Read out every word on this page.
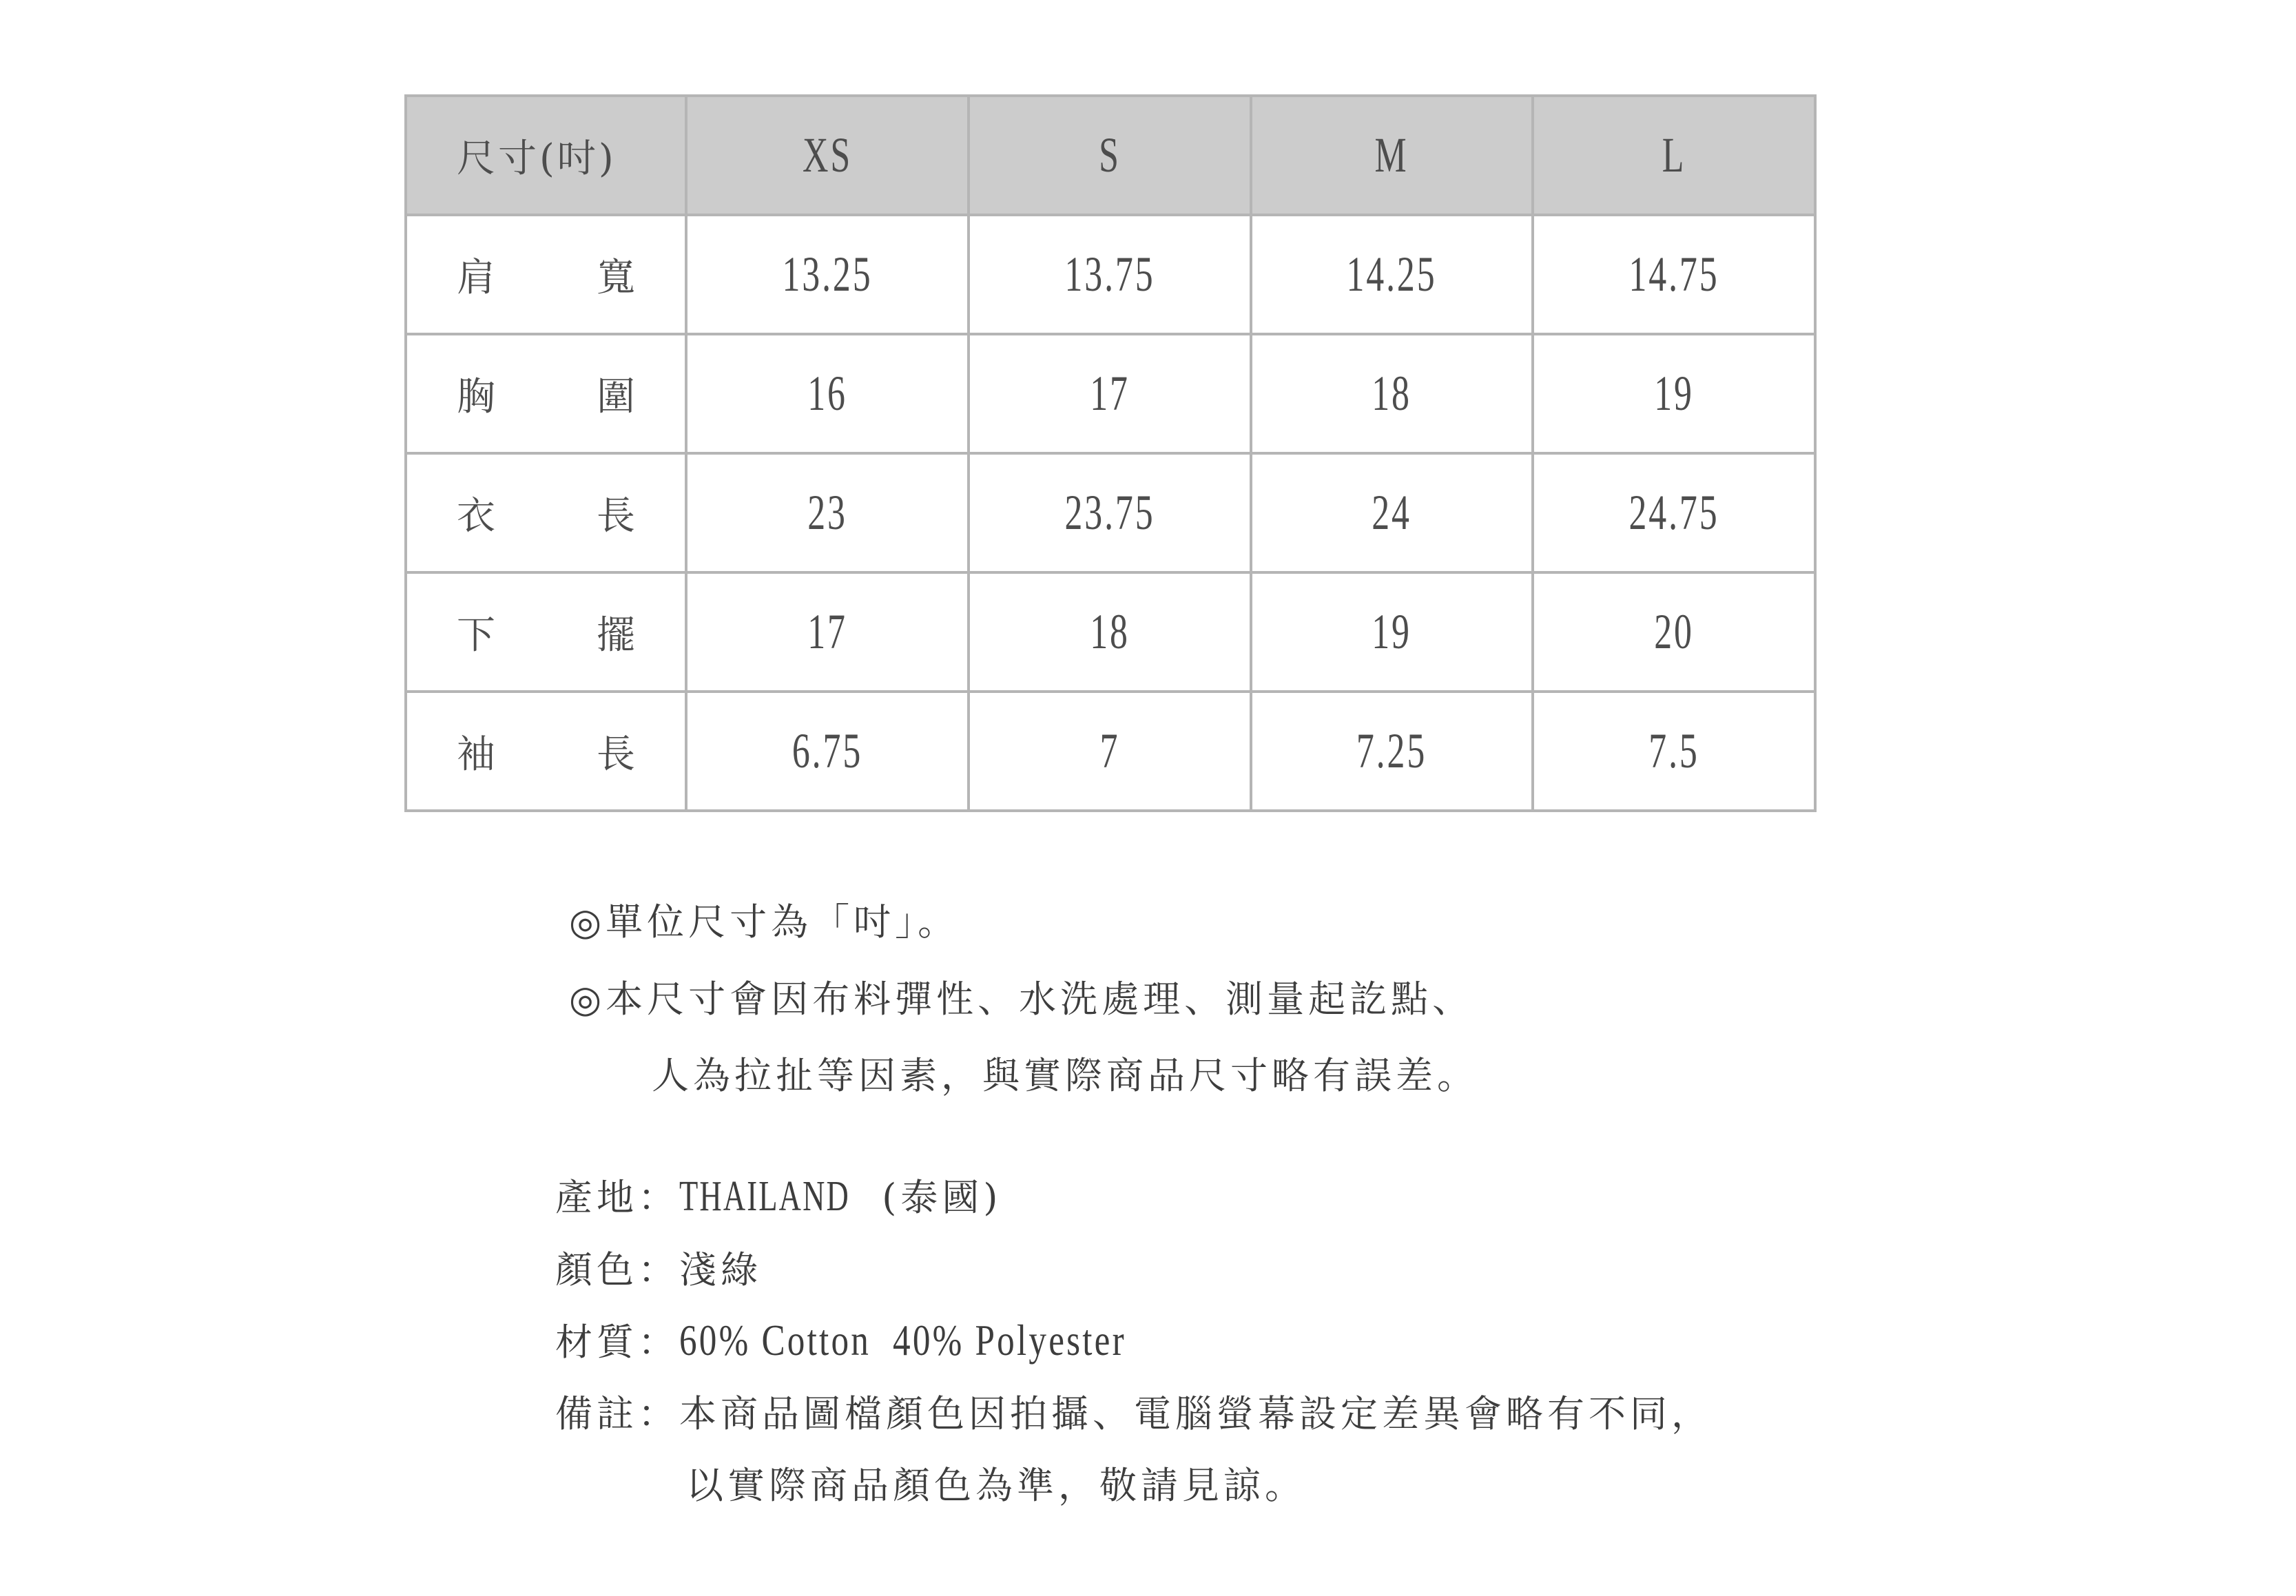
尺寸(吋)	XS	S	M	L

肩 寬	13.25	13.75	14.25	14.75

胸 圍	16	17	18	19

衣 長	23	23.75	24	24.75

下 擺	17	18	19	20

袖 長	6.75	7	7.25	7.5
◎單位尺寸為「吋」。
◎本尺寸會因布料彈性、水洗處理、測量起訖點、
人為拉扯等因素，與實際商品尺寸略有誤差。
產地：THAILAND (泰國)
顏色：淺綠
材質：60% Cotton  40% Polyester
備註：本商品圖檔顏色因拍攝、電腦螢幕設定差異會略有不同，
以實際商品顏色為準，敬請見諒。
